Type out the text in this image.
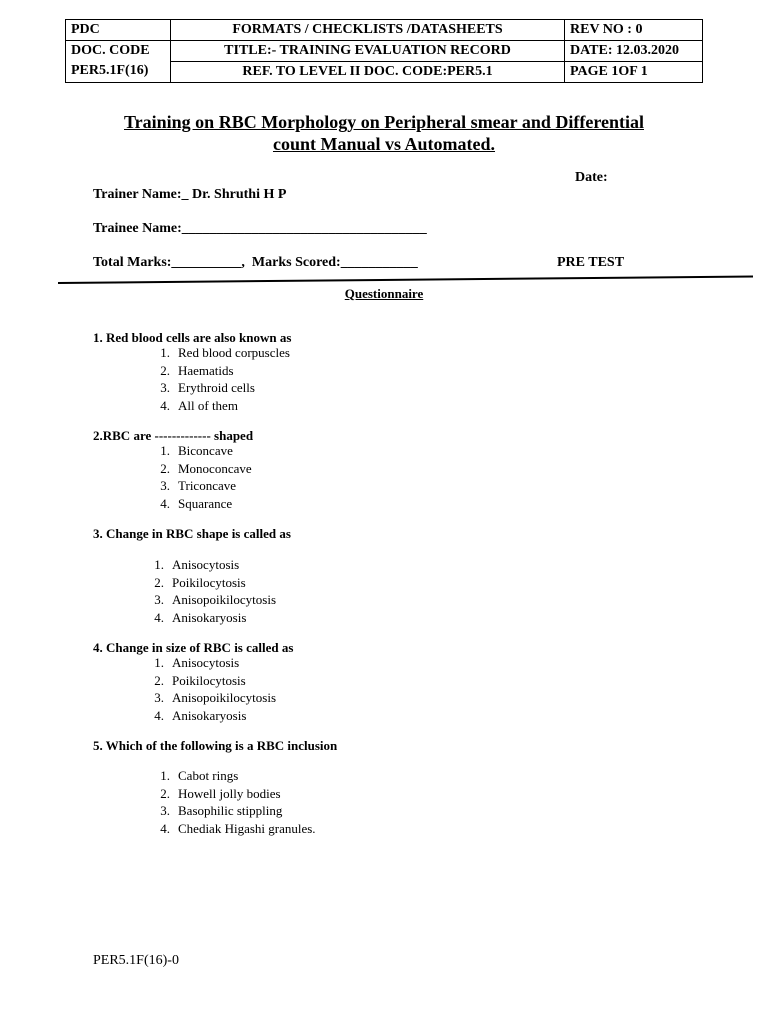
PDC	FORMATS / CHECKLISTS /DATASHEETS	REV NO : 0

DOC. CODE
PER5.1F(16)	TITLE:- TRAINING EVALUATION RECORD	DATE: 12.03.2020
	REF. TO LEVEL II DOC. CODE:PER5.1	PAGE 1OF 1
Training on RBC Morphology on Peripheral smear and Differential
count Manual vs Automated.
Date:
Trainer Name:_ Dr. Shruthi H P
Trainee Name:___________________________________
Total Marks:__________,  Marks Scored:___________	PRE TEST
Questionnaire
1. Red blood cells are also known as
1. Red blood corpuscles
2. Haematids
3. Erythroid cells
4. All of them
2.RBC are ------------- shaped
1. Biconcave
2. Monoconcave
3. Triconcave
4. Squarance
3. Change in RBC shape is called as
1. Anisocytosis
2. Poikilocytosis
3. Anisopoikilocytosis
4. Anisokaryosis
4. Change in size of RBC is called as
1. Anisocytosis
2. Poikilocytosis
3. Anisopoikilocytosis
4. Anisokaryosis
5. Which of the following is a RBC inclusion
1. Cabot rings
2. Howell jolly bodies
3. Basophilic stippling
4. Chediak Higashi granules.
PER5.1F(16)-0
